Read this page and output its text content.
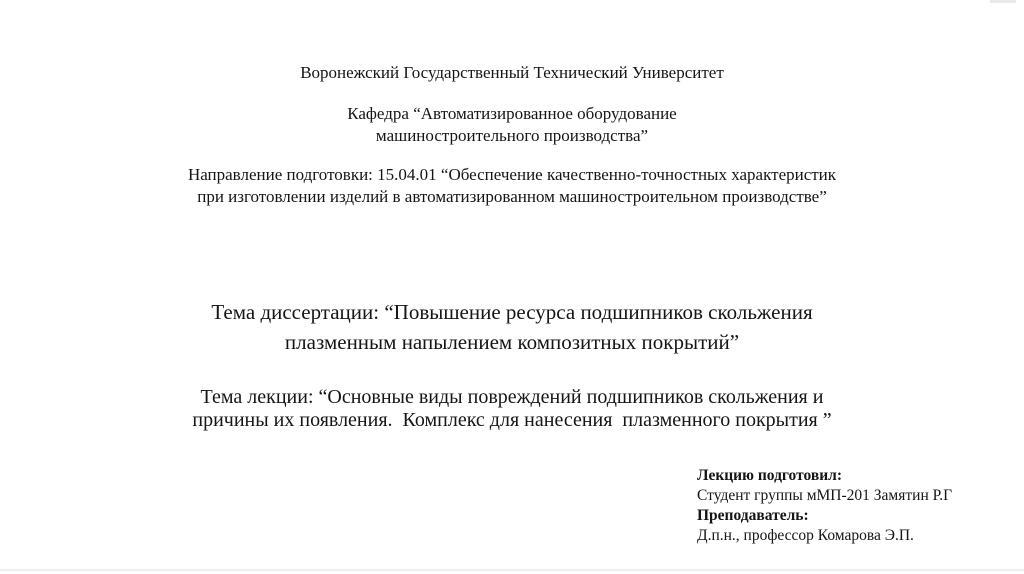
Воронежский Государственный Технический Университет
Кафедра “Автоматизированное оборудование
машиностроительного производства”
Направление подготовки: 15.04.01 “Обеспечение качественно-точностных характеристик
при изготовлении изделий в автоматизированном машиностроительном производстве”
Тема диссертации: “Повышение ресурса подшипников скольжения
плазменным напылением композитных покрытий”
Тема лекции: “Основные виды повреждений подшипников скольжения и
причины их появления.  Комплекс для нанесения  плазменного покрытия ”
Лекцию подготовил:
Студент группы мМП-201 Замятин Р.Г
Преподаватель:
Д.п.н., профессор Комарова Э.П.
